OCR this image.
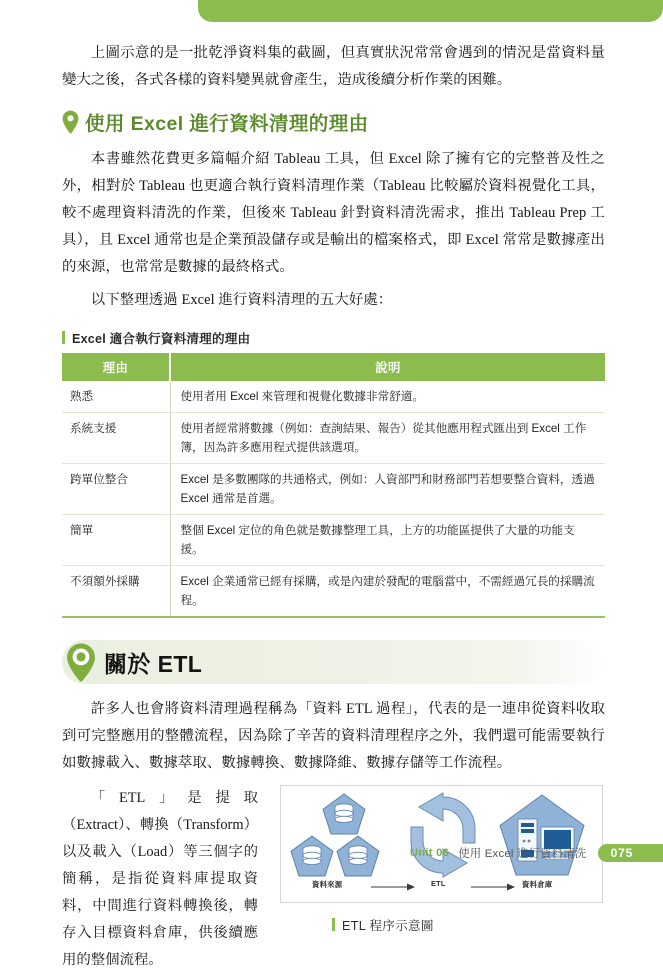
上圖示意的是一批乾淨資料集的截圖，但真實狀況常常會遇到的情況是當資料量變大之後，各式各樣的資料變異就會產生，造成後續分析作業的困難。

使用 Excel 進行資料清理的理由

本書雖然花費更多篇幅介紹 Tableau 工具，但 Excel 除了擁有它的完整普及性之外，相對於 Tableau 也更適合執行資料清理作業（Tableau 比較屬於資料視覺化工具，較不處理資料清洗的作業，但後來 Tableau 針對資料清洗需求，推出 Tableau Prep 工具），且 Excel 通常也是企業預設儲存或是輸出的檔案格式，即 Excel 常常是數據產出的來源，也常常是數據的最終格式。

以下整理透過 Excel 進行資料清理的五大好處：

Excel 適合執行資料清理的理由
理由	說明
熟悉	使用者用 Excel 來管理和視覺化數據非常舒適。
系統支援	使用者經常將數據（例如：查詢結果、報告）從其他應用程式匯出到 Excel 工作簿，因為許多應用程式提供該選項。
跨單位整合	Excel 是多數團隊的共通格式，例如：人資部門和財務部門若想要整合資料，透過 Excel 通常是首選。
簡單	整個 Excel 定位的角色就是數據整理工具，上方的功能區提供了大量的功能支援。
不須額外採購	Excel 企業通常已經有採購，或是內建於發配的電腦當中，不需經過冗長的採購流程。
關於 ETL

許多人也會將資料清理過程稱為「資料 ETL 過程」，代表的是一連串從資料收取到可完整應用的整體流程，因為除了辛苦的資料清理程序之外，我們還可能需要執行如數據載入、數據萃取、數據轉換、數據降維、數據存儲等工作流程。

「ETL」是提取（Extract）、轉換（Transform）以及載入（Load）等三個字的簡稱，是指從資料庫提取資料，中間進行資料轉換後，轉存入目標資料倉庫，供後續應用的整個流程。

資料來源	ETL	資料倉庫
ETL 程序示意圖
Unit 06 使用 Excel 進行資料清洗	075
